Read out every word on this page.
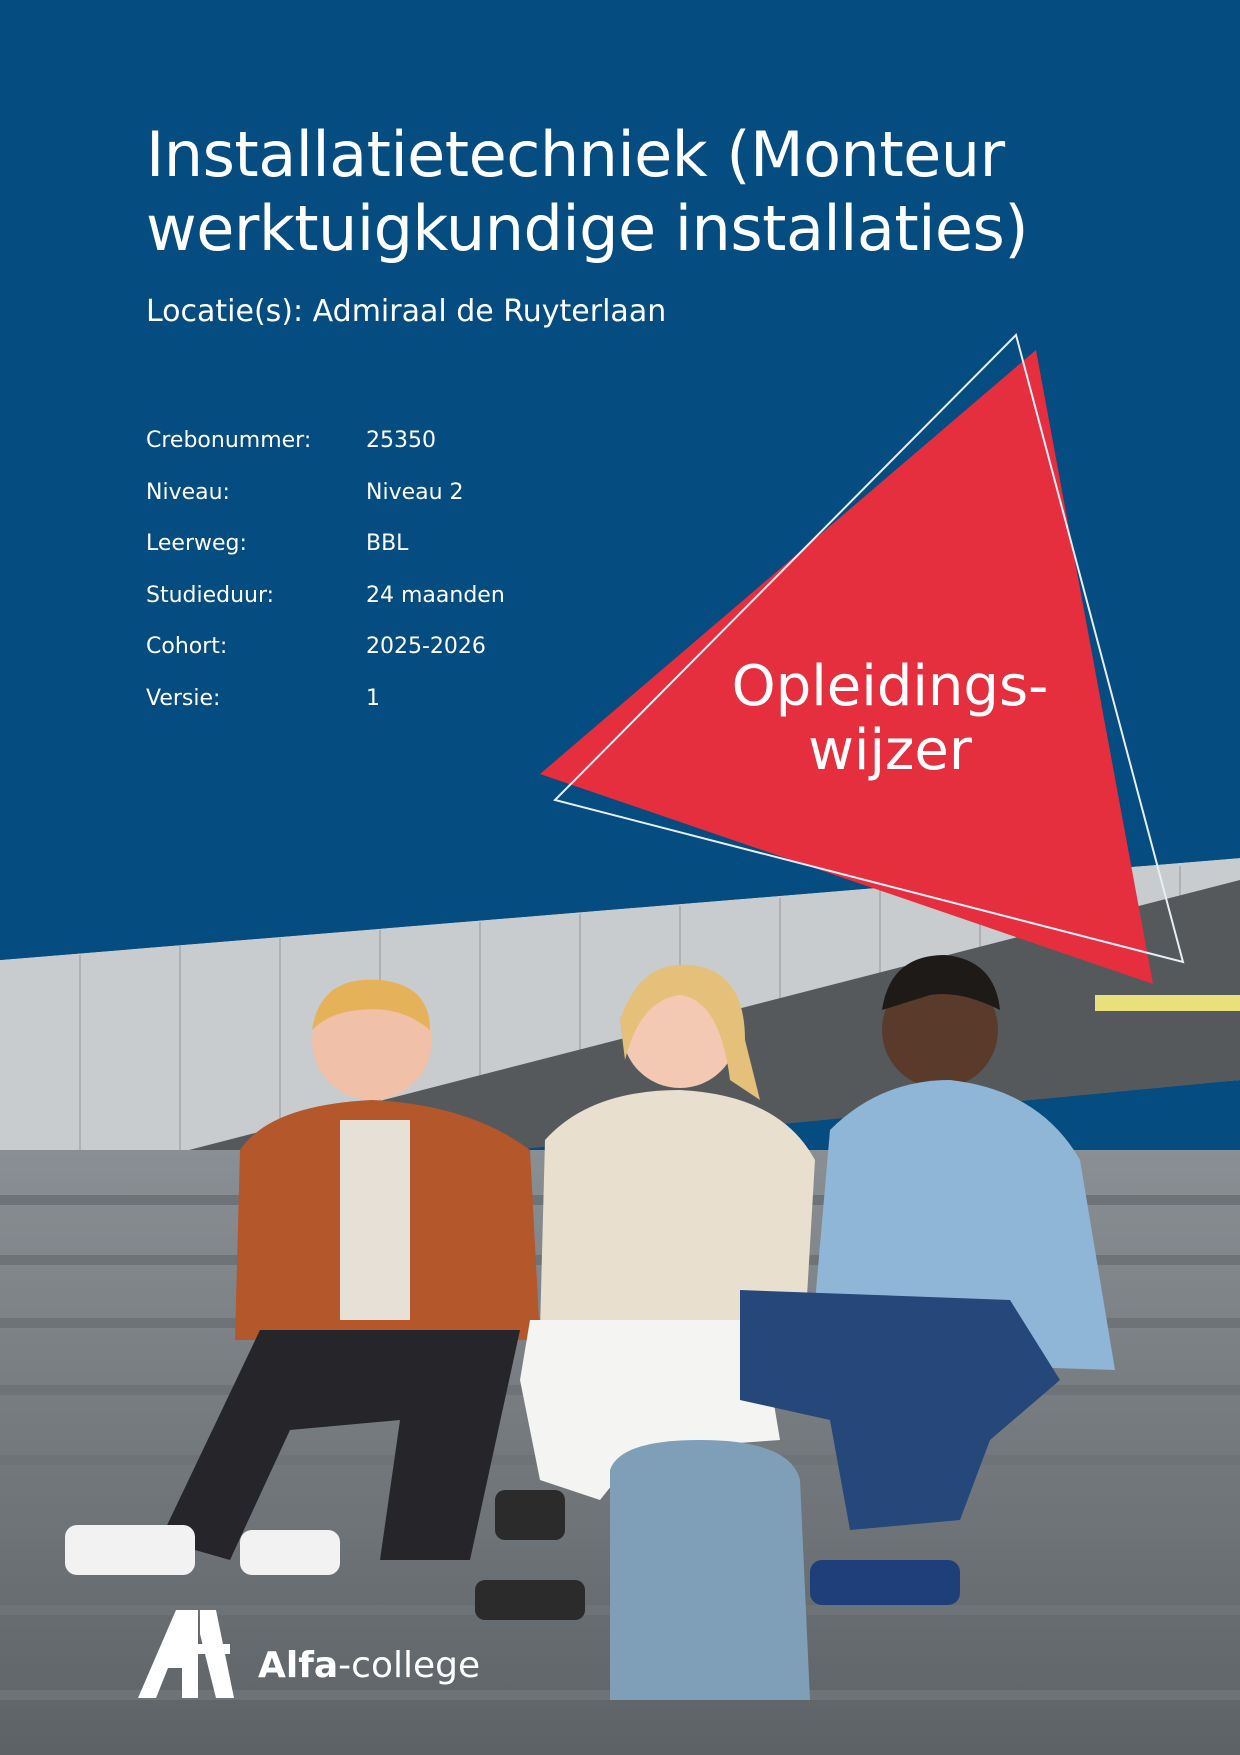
Installatietechniek (Monteur
werktuigkundige installaties)
Locatie(s): Admiraal de Ruyterlaan
Crebonummer: 25350
Niveau:	Niveau 2
Leerweg:	BBL
Studieduur:	24 maanden
Cohort:	2025-2026
Versie:	1	Opleidings-
wijzer
Alfa-college
